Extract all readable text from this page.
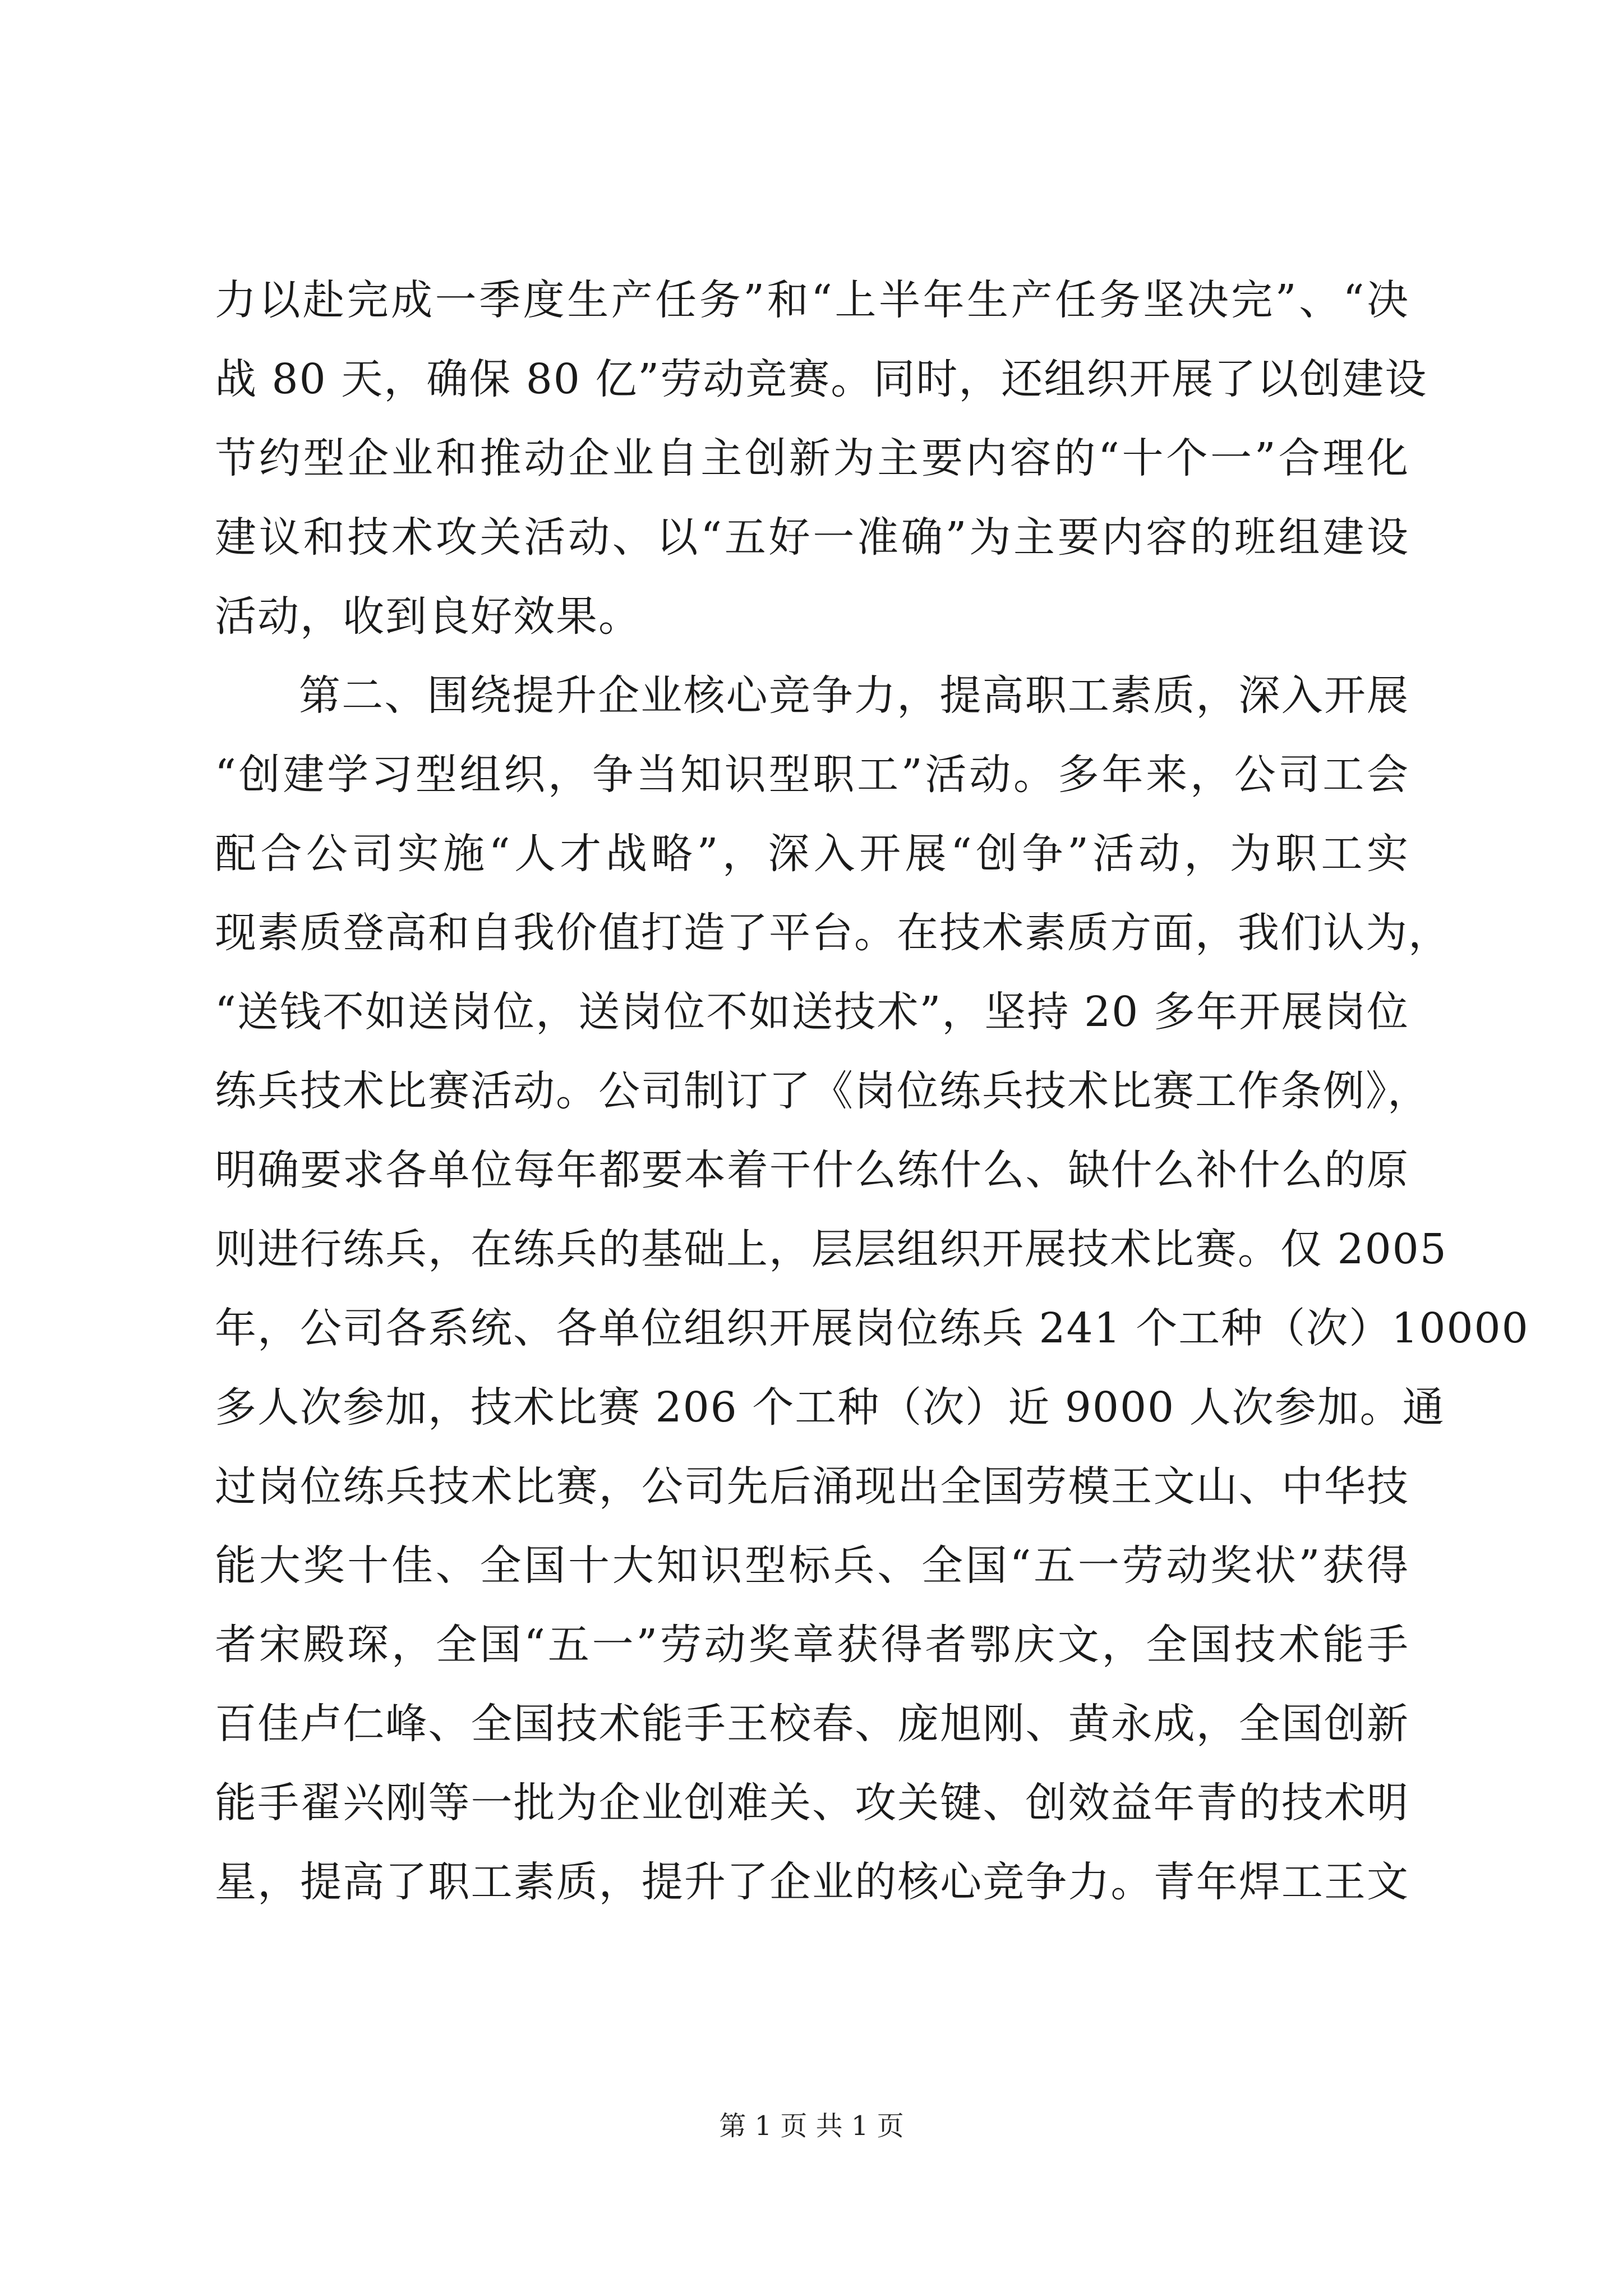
力以赴完成一季度生产任务”和“上半年生产任务坚决完”、“决
战 80 天，确保 80 亿”劳动竞赛。同时，还组织开展了以创建设
节约型企业和推动企业自主创新为主要内容的“十个一”合理化
建议和技术攻关活动、以“五好一准确”为主要内容的班组建设
活动，收到良好效果。
第二、围绕提升企业核心竞争力，提高职工素质，深入开展
“创建学习型组织，争当知识型职工”活动。多年来，公司工会
配合公司实施“人才战略”，深入开展“创争”活动，为职工实
现素质登高和自我价值打造了平台。在技术素质方面，我们认为，
“送钱不如送岗位，送岗位不如送技术”，坚持 20 多年开展岗位
练兵技术比赛活动。公司制订了《岗位练兵技术比赛工作条例》，
明确要求各单位每年都要本着干什么练什么、缺什么补什么的原
则进行练兵，在练兵的基础上，层层组织开展技术比赛。仅 2005
年，公司各系统、各单位组织开展岗位练兵 241 个工种（次）10000
多人次参加，技术比赛 206 个工种（次）近 9000 人次参加。通
过岗位练兵技术比赛，公司先后涌现出全国劳模王文山、中华技
能大奖十佳、全国十大知识型标兵、全国“五一劳动奖状”获得
者宋殿琛，全国“五一”劳动奖章获得者鄂庆文，全国技术能手
百佳卢仁峰、全国技术能手王校春、庞旭刚、黄永成，全国创新
能手翟兴刚等一批为企业创难关、攻关键、创效益年青的技术明
星，提高了职工素质，提升了企业的核心竞争力。青年焊工王文
第 1 页 共 1 页
